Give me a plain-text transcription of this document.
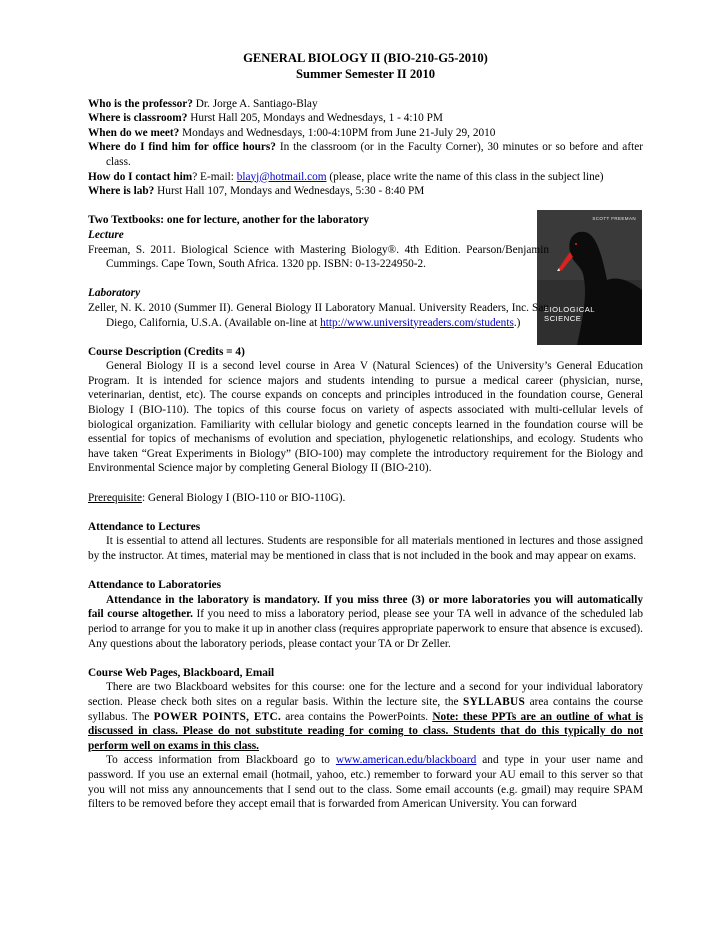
SCOTT FREEMAN
BIOLOGICAL
SCIENCE
GENERAL BIOLOGY II (BIO-210-G5-2010)
Summer Semester II 2010

Who is the professor? Dr. Jorge A. Santiago-Blay

Where is classroom? Hurst Hall 205, Mondays and Wednesdays, 1 - 4:10 PM

When do we meet? Mondays and Wednesdays, 1:00-4:10PM from June 21-July 29, 2010

Where do I find him for office hours? In the classroom (or in the Faculty Corner), 30 minutes or so before and after class.

How do I contact him? E-mail: blayj@hotmail.com (please, place write the name of this class in the subject line)

Where is lab? Hurst Hall 107, Mondays and Wednesdays, 5:30 - 8:40 PM

Two Textbooks: one for lecture, another for the laboratory

Lecture

Freeman, S. 2011. Biological Science with Mastering Biology®. 4th Edition. Pearson/Benjamin Cummings. Cape Town, South Africa. 1320 pp. ISBN: 0-13-224950-2.

Laboratory

Zeller, N. K. 2010 (Summer II). General Biology II Laboratory Manual. University Readers, Inc. San Diego, California, U.S.A. (Available on-line at http://www.universityreaders.com/students.)

Course Description (Credits = 4)

General Biology II is a second level course in Area V (Natural Sciences) of the University’s General Education Program. It is intended for science majors and students intending to pursue a medical career (physician, nurse, veterinarian, dentist, etc). The course expands on concepts and principles introduced in the foundation course, General Biology I (BIO-110). The topics of this course focus on variety of aspects associated with multi-cellular levels of biological organization. Familiarity with cellular biology and genetic concepts learned in the foundation course will be essential for topics of mechanisms of evolution and speciation, phylogenetic relationships, and ecology. Students who have taken “Great Experiments in Biology” (BIO-100) may complete the introductory requirement for the Biology and Environmental Science major by completing General Biology II (BIO-210).

Prerequisite: General Biology I (BIO-110 or BIO-110G).

Attendance to Lectures

It is essential to attend all lectures. Students are responsible for all materials mentioned in lectures and those assigned by the instructor. At times, material may be mentioned in class that is not included in the book and may appear on exams.

Attendance to Laboratories

Attendance in the laboratory is mandatory. If you miss three (3) or more laboratories you will automatically fail course altogether. If you need to miss a laboratory period, please see your TA well in advance of the scheduled lab period to arrange for you to make it up in another class (requires appropriate paperwork to ensure that absence is excused). Any questions about the laboratory periods, please contact your TA or Dr Zeller.

Course Web Pages, Blackboard, Email

There are two Blackboard websites for this course: one for the lecture and a second for your individual laboratory section. Please check both sites on a regular basis. Within the lecture site, the SYLLABUS area contains the course syllabus. The POWER POINTS, ETC. area contains the PowerPoints. Note: these PPTs are an outline of what is discussed in class. Please do not substitute reading for coming to class. Students that do this typically do not perform well on exams in this class.

To access information from Blackboard go to www.american.edu/blackboard and type in your user name and password. If you use an external email (hotmail, yahoo, etc.) remember to forward your AU email to this server so that you will not miss any announcements that I send out to the class. Some email accounts (e.g. gmail) may require SPAM filters to be removed before they accept email that is forwarded from American University. You can forward
